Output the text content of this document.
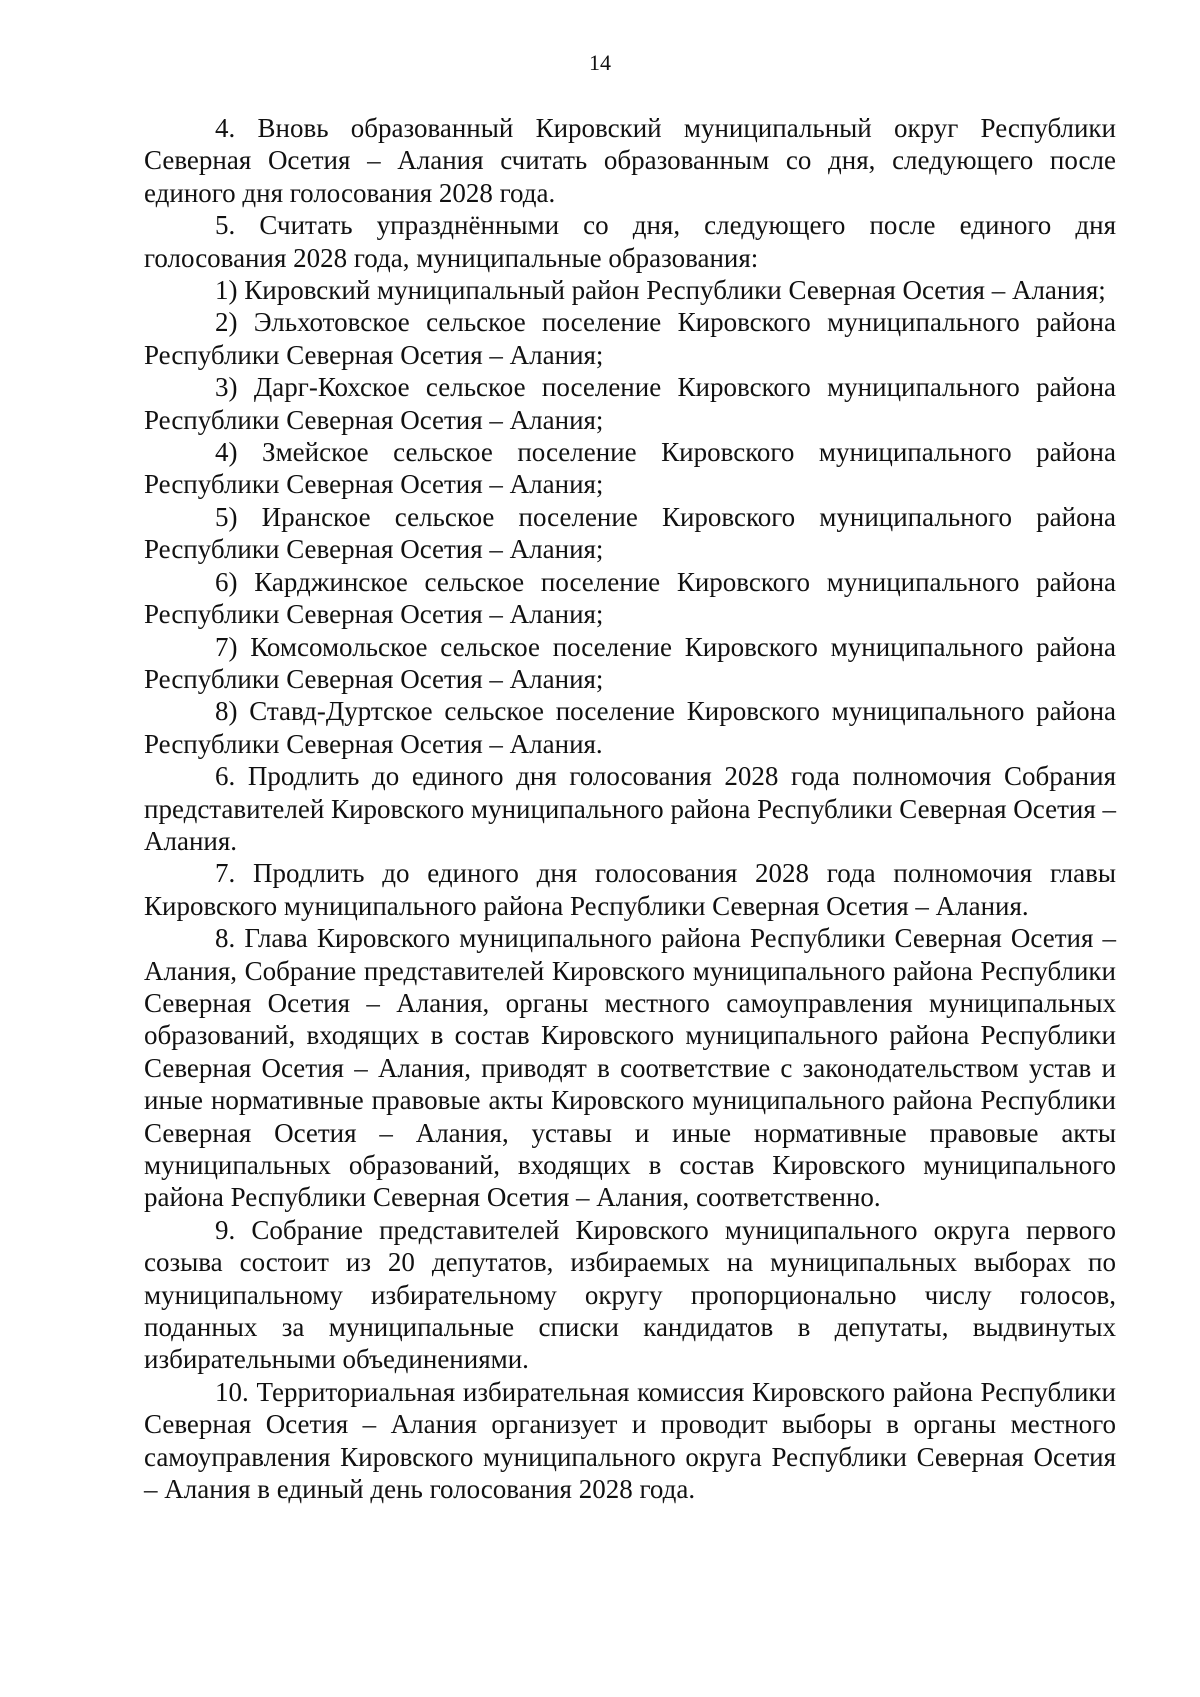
14

4. Вновь образованный Кировский муниципальный округ Республики Северная Осетия – Алания считать образованным со дня, следующего после единого дня голосования 2028 года.

5. Считать упразднёнными со дня, следующего после единого дня голосования 2028 года, муниципальные образования:

1) Кировский муниципальный район Республики Северная Осетия – Алания;

2) Эльхотовское сельское поселение Кировского муниципального района Республики Северная Осетия – Алания;

3) Дарг-Кохское сельское поселение Кировского муниципального района Республики Северная Осетия – Алания;

4) Змейское сельское поселение Кировского муниципального района Республики Северная Осетия – Алания;

5) Иранское сельское поселение Кировского муниципального района Республики Северная Осетия – Алания;

6) Карджинское сельское поселение Кировского муниципального района Республики Северная Осетия – Алания;

7) Комсомольское сельское поселение Кировского муниципального района Республики Северная Осетия – Алания;

8) Ставд-Дуртское сельское поселение Кировского муниципального района Республики Северная Осетия – Алания.

6. Продлить до единого дня голосования 2028 года полномочия Собрания представителей Кировского муниципального района Республики Северная Осетия – Алания.

7. Продлить до единого дня голосования 2028 года полномочия главы Кировского муниципального района Республики Северная Осетия – Алания.

8. Глава Кировского муниципального района Республики Северная Осетия – Алания, Собрание представителей Кировского муниципального района Республики Северная Осетия – Алания, органы местного самоуправления муниципальных образований, входящих в состав Кировского муниципального района Республики Северная Осетия – Алания, приводят в соответствие с законодательством устав и иные нормативные правовые акты Кировского муниципального района Республики Северная Осетия – Алания, уставы и иные нормативные правовые акты муниципальных образований, входящих в состав Кировского муниципального района Республики Северная Осетия – Алания, соответственно.

9. Собрание представителей Кировского муниципального округа первого созыва состоит из 20 депутатов, избираемых на муниципальных выборах по муниципальному избирательному округу пропорционально числу голосов, поданных за муниципальные списки кандидатов в депутаты, выдвинутых избирательными объединениями.

10. Территориальная избирательная комиссия Кировского района Республики Северная Осетия – Алания организует и проводит выборы в органы местного самоуправления Кировского муниципального округа Республики Северная Осетия – Алания в единый день голосования 2028 года.
